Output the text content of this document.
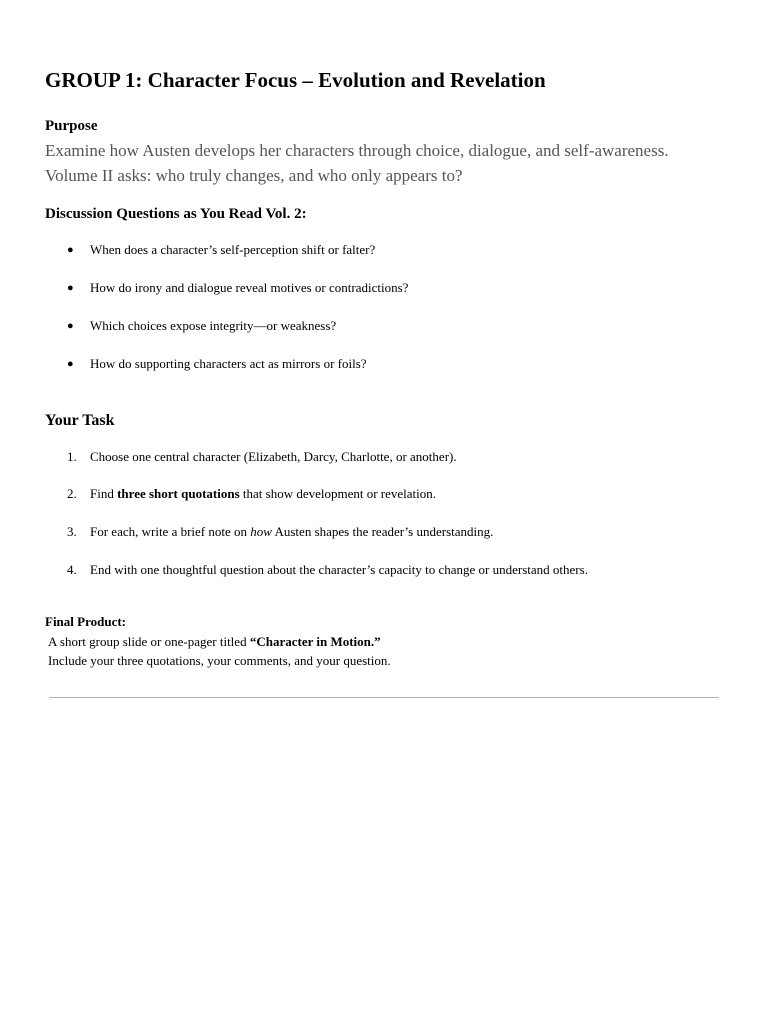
GROUP 1: Character Focus – Evolution and Revelation
Purpose
Examine how Austen develops her characters through choice, dialogue, and self-awareness.
Volume II asks: who truly changes, and who only appears to?
Discussion Questions as You Read Vol. 2:
● When does a character’s self-perception shift or falter?
● How do irony and dialogue reveal motives or contradictions?
● Which choices expose integrity—or weakness?
● How do supporting characters act as mirrors or foils?
Your Task
1. Choose one central character (Elizabeth, Darcy, Charlotte, or another).
2. Find three short quotations that show development or revelation.
3. For each, write a brief note on how Austen shapes the reader’s understanding.
4. End with one thoughtful question about the character’s capacity to change or understand others.
Final Product:
A short group slide or one-pager titled “Character in Motion.”
Include your three quotations, your comments, and your question.
